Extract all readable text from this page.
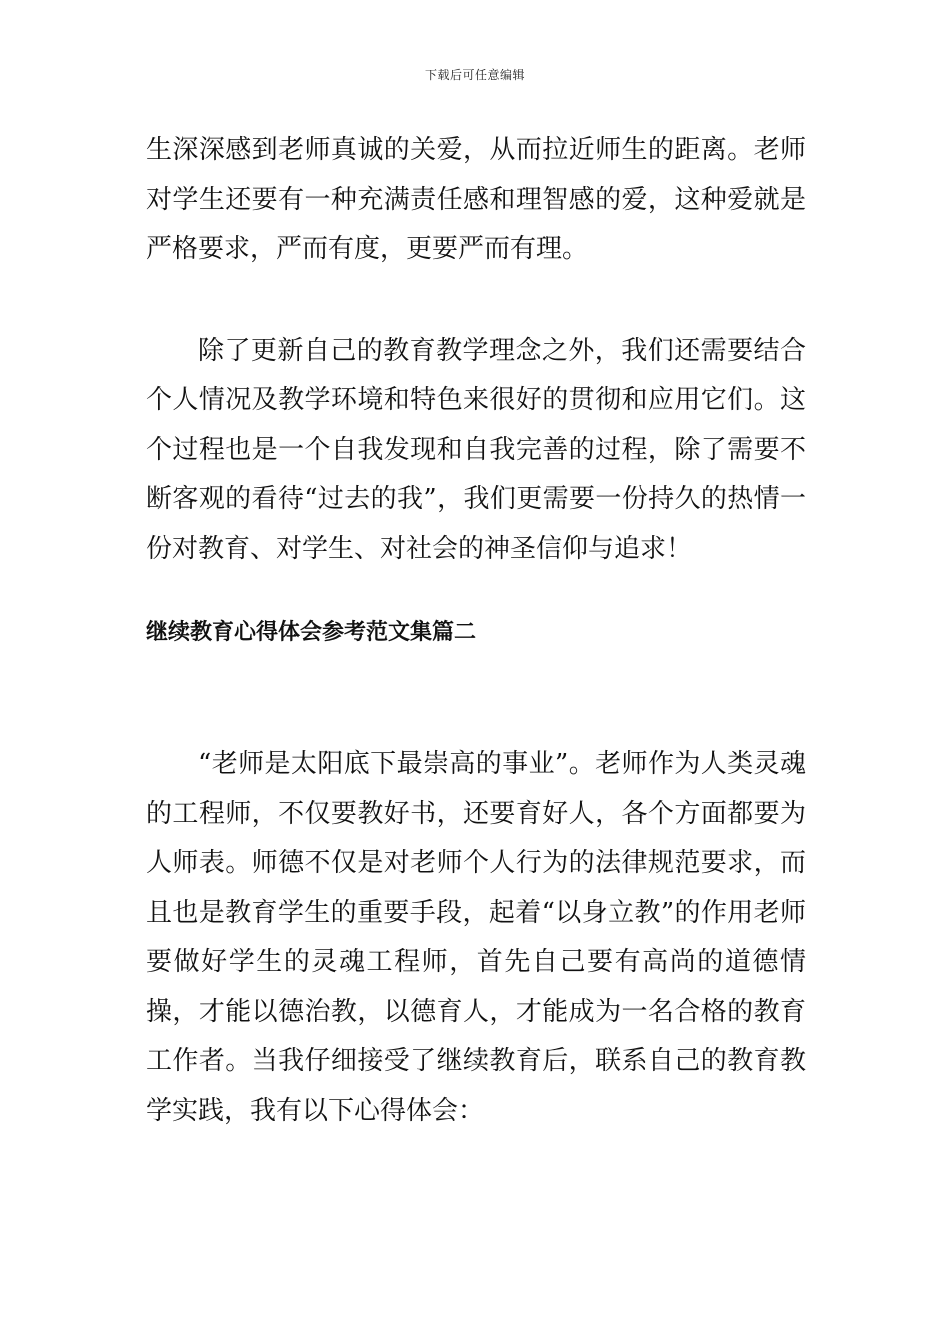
下载后可任意编辑

生深深感到老师真诚的关爱，从而拉近师生的距离。老师对学生还要有一种充满责任感和理智感的爱，这种爱就是严格要求，严而有度，更要严而有理。

除了更新自己的教育教学理念之外，我们还需要结合个人情况及教学环境和特色来很好的贯彻和应用它们。这个过程也是一个自我发现和自我完善的过程，除了需要不断客观的看待“过去的我”，我们更需要一份持久的热情一份对教育、对学生、对社会的神圣信仰与追求！

继续教育心得体会参考范文集篇二

“老师是太阳底下最崇高的事业”。老师作为人类灵魂的工程师，不仅要教好书，还要育好人，各个方面都要为人师表。师德不仅是对老师个人行为的法律规范要求，而且也是教育学生的重要手段，起着“以身立教”的作用老师要做好学生的灵魂工程师，首先自己要有高尚的道德情操，才能以德治教，以德育人，才能成为一名合格的教育工作者。当我仔细接受了继续教育后，联系自己的教育教学实践，我有以下心得体会：
